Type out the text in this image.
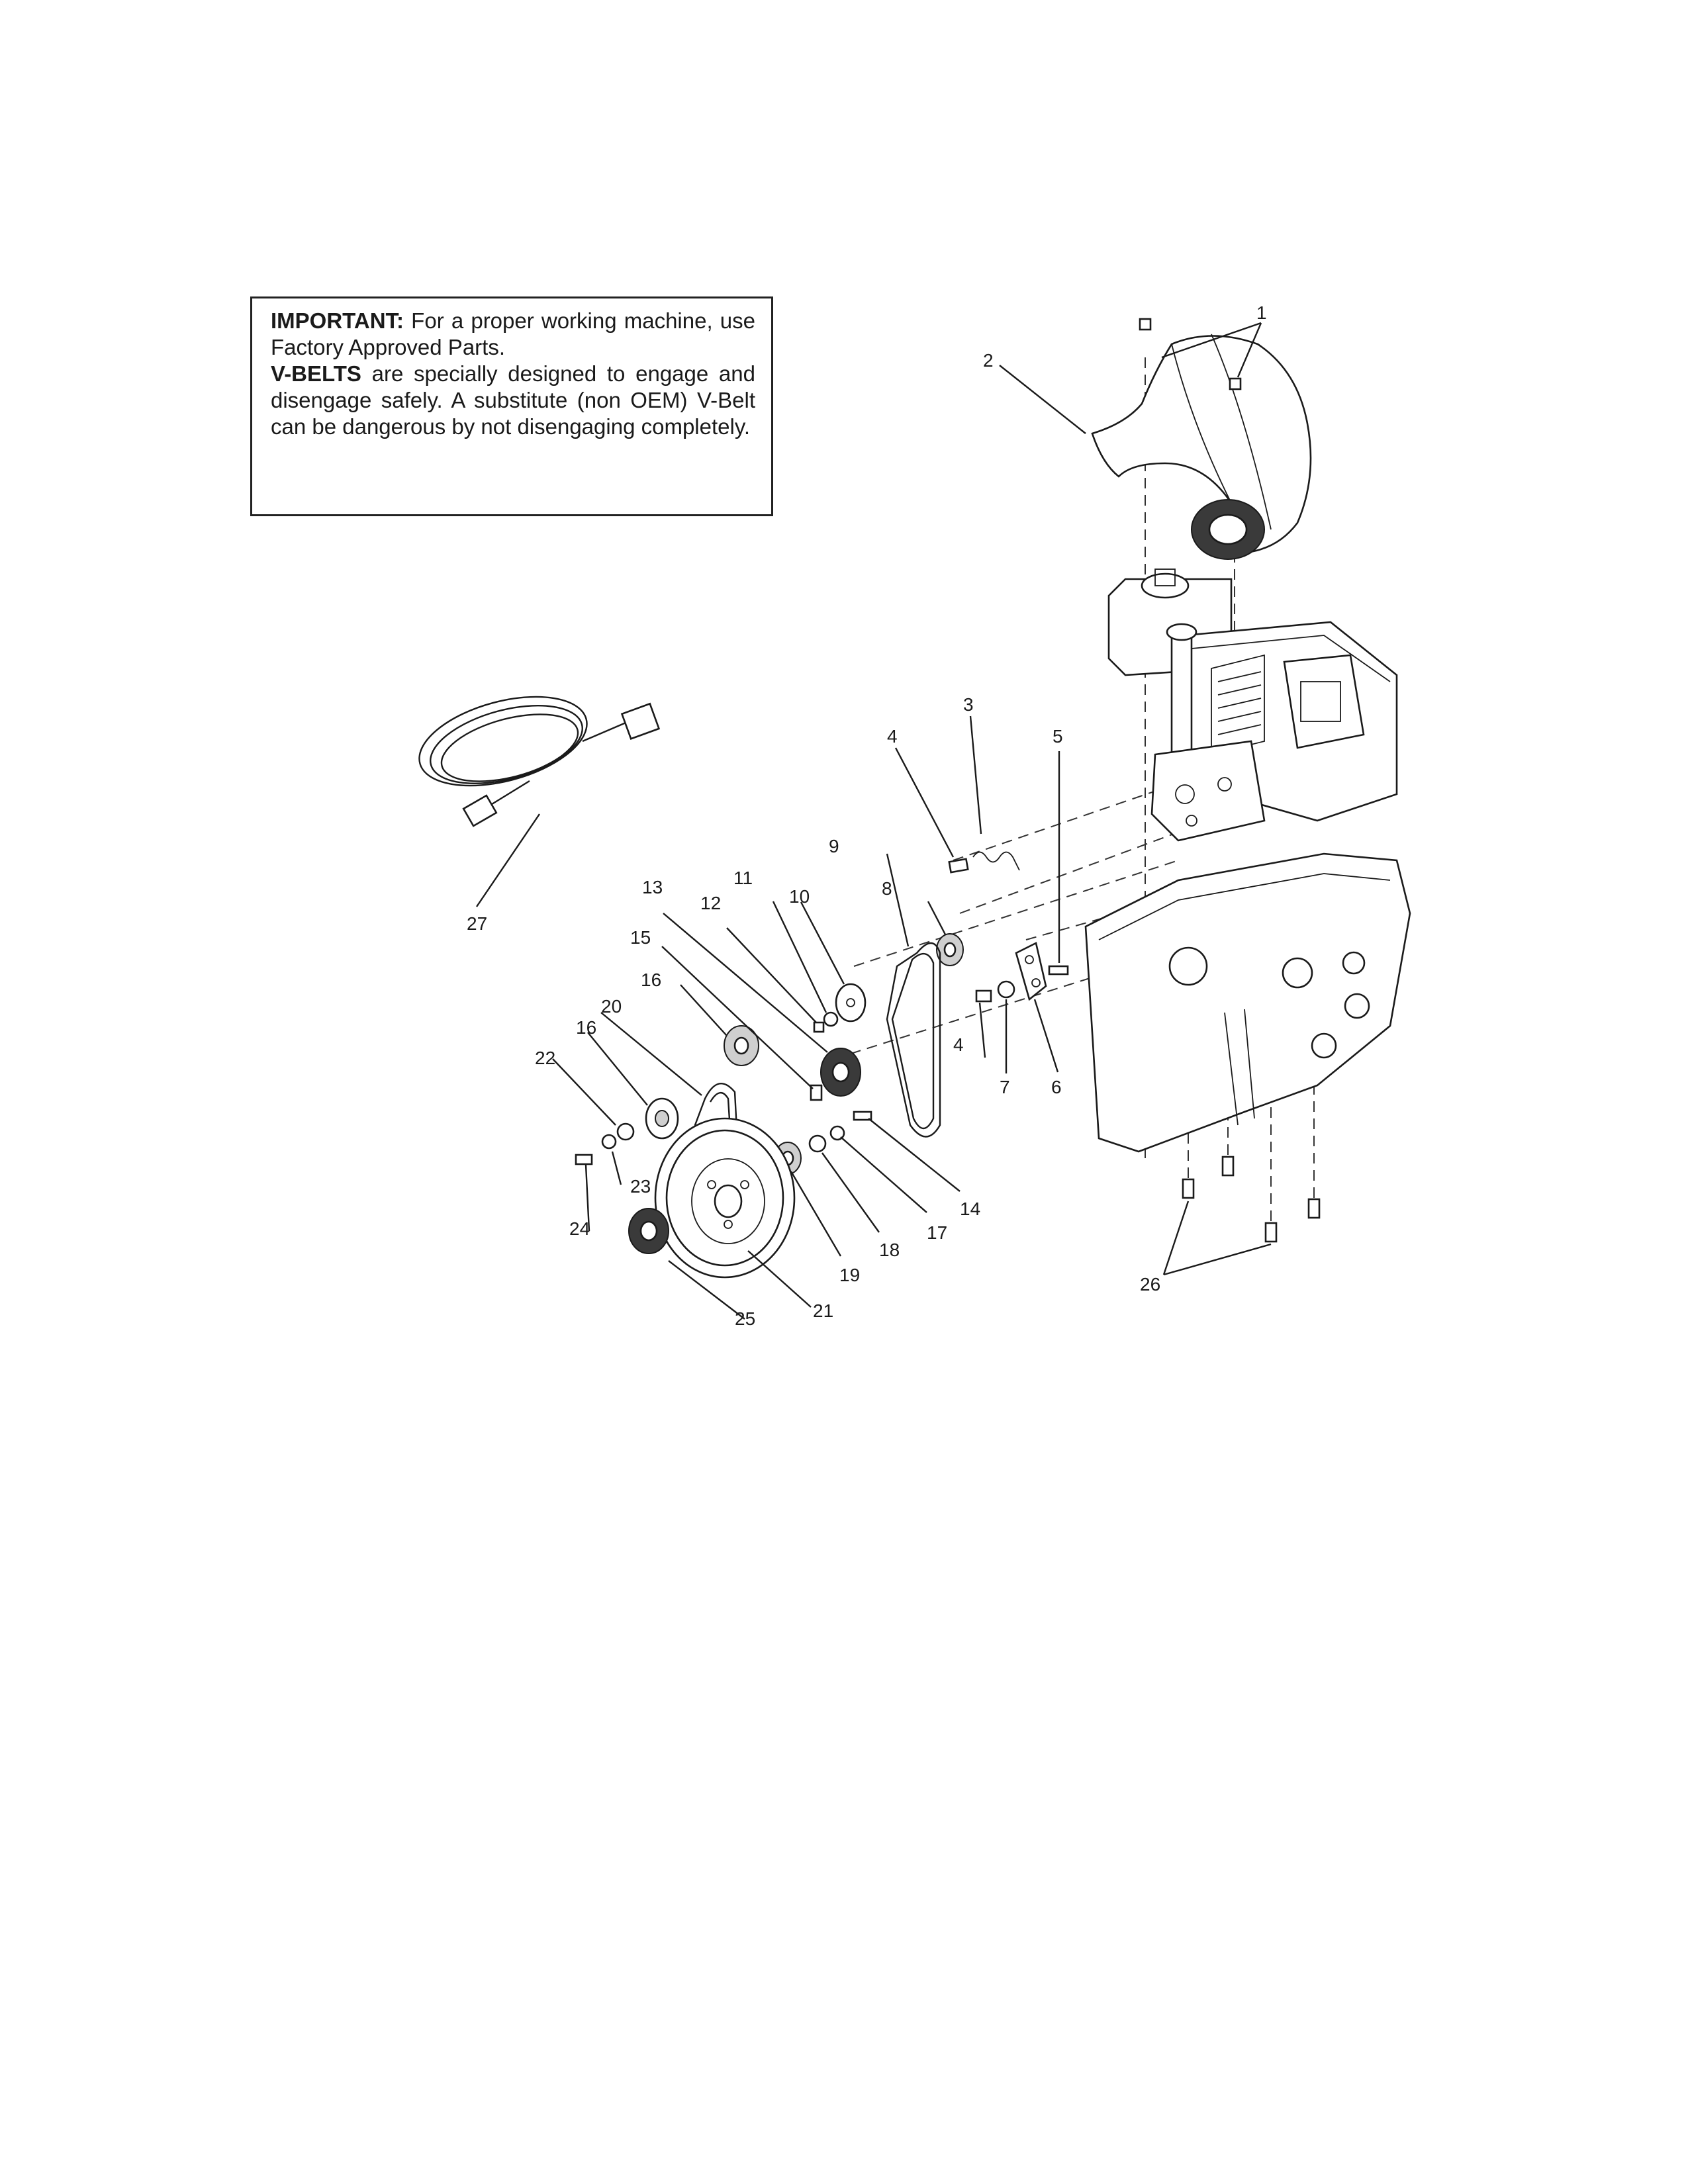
IMPORTANT: For a proper working machine, use Factory Approved Parts.

V-BELTS are specially designed to engage and disengage safely. A substitute (non OEM) V-Belt can be dangerous by not disengaging completely.

1
2
3
4	5
6
7
8
9
10
11
12
13
14
15
16
17
18
19
20
21
22
23
24
25
26
27
4
16
